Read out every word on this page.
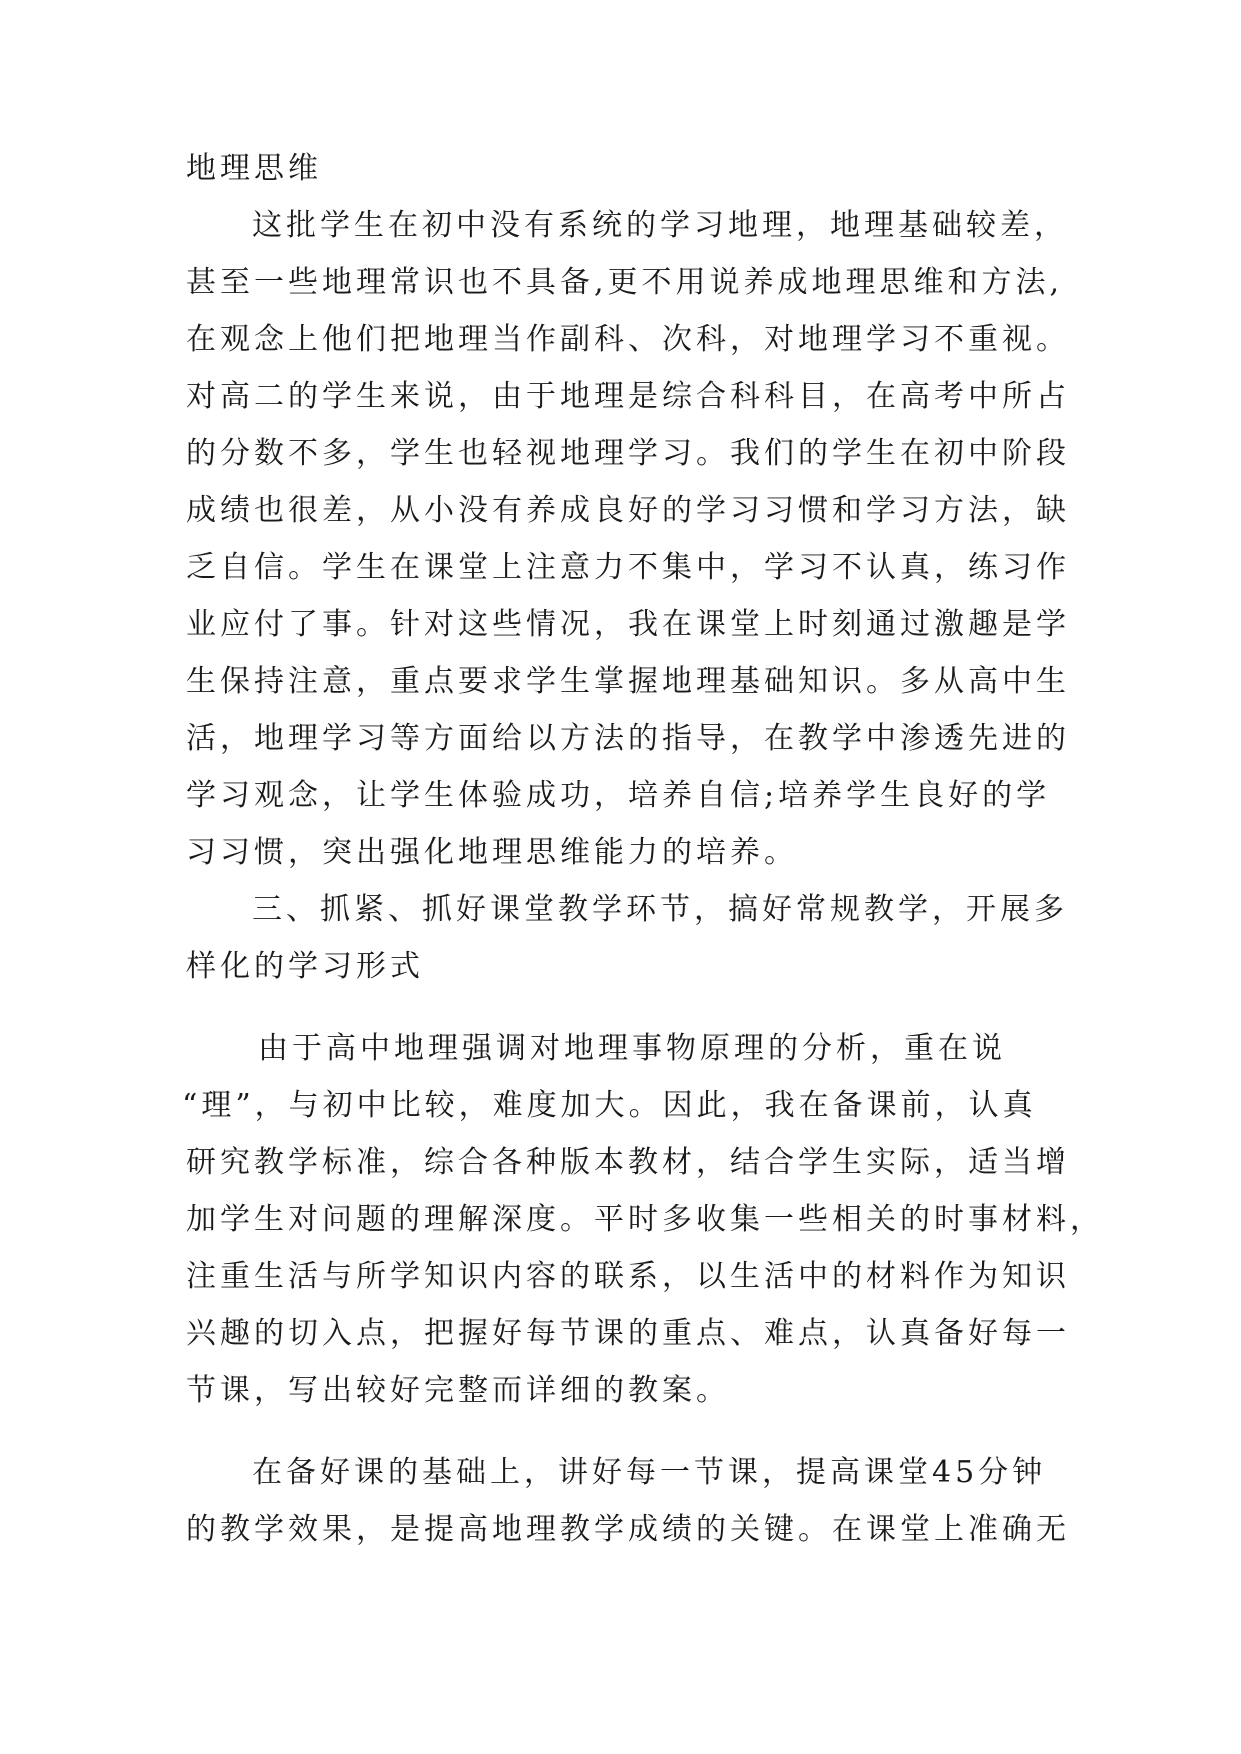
地理思维
这批学生在初中没有系统的学习地理，地理基础较差，
甚至一些地理常识也不具备,更不用说养成地理思维和方法,
在观念上他们把地理当作副科、次科，对地理学习不重视。
对高二的学生来说，由于地理是综合科科目，在高考中所占
的分数不多，学生也轻视地理学习。我们的学生在初中阶段
成绩也很差，从小没有养成良好的学习习惯和学习方法，缺
乏自信。学生在课堂上注意力不集中，学习不认真，练习作
业应付了事。针对这些情况，我在课堂上时刻通过激趣是学
生保持注意，重点要求学生掌握地理基础知识。多从高中生
活，地理学习等方面给以方法的指导，在教学中渗透先进的
学习观念，让学生体验成功，培养自信;培养学生良好的学
习习惯，突出强化地理思维能力的培养。
三、抓紧、抓好课堂教学环节，搞好常规教学，开展多
样化的学习形式
由于高中地理强调对地理事物原理的分析，重在说
“理”，与初中比较，难度加大。因此，我在备课前，认真
研究教学标准，综合各种版本教材，结合学生实际，适当增
加学生对问题的理解深度。平时多收集一些相关的时事材料，
注重生活与所学知识内容的联系，以生活中的材料作为知识
兴趣的切入点，把握好每节课的重点、难点，认真备好每一
节课，写出较好完整而详细的教案。
在备好课的基础上，讲好每一节课，提高课堂45分钟
的教学效果，是提高地理教学成绩的关键。在课堂上准确无
